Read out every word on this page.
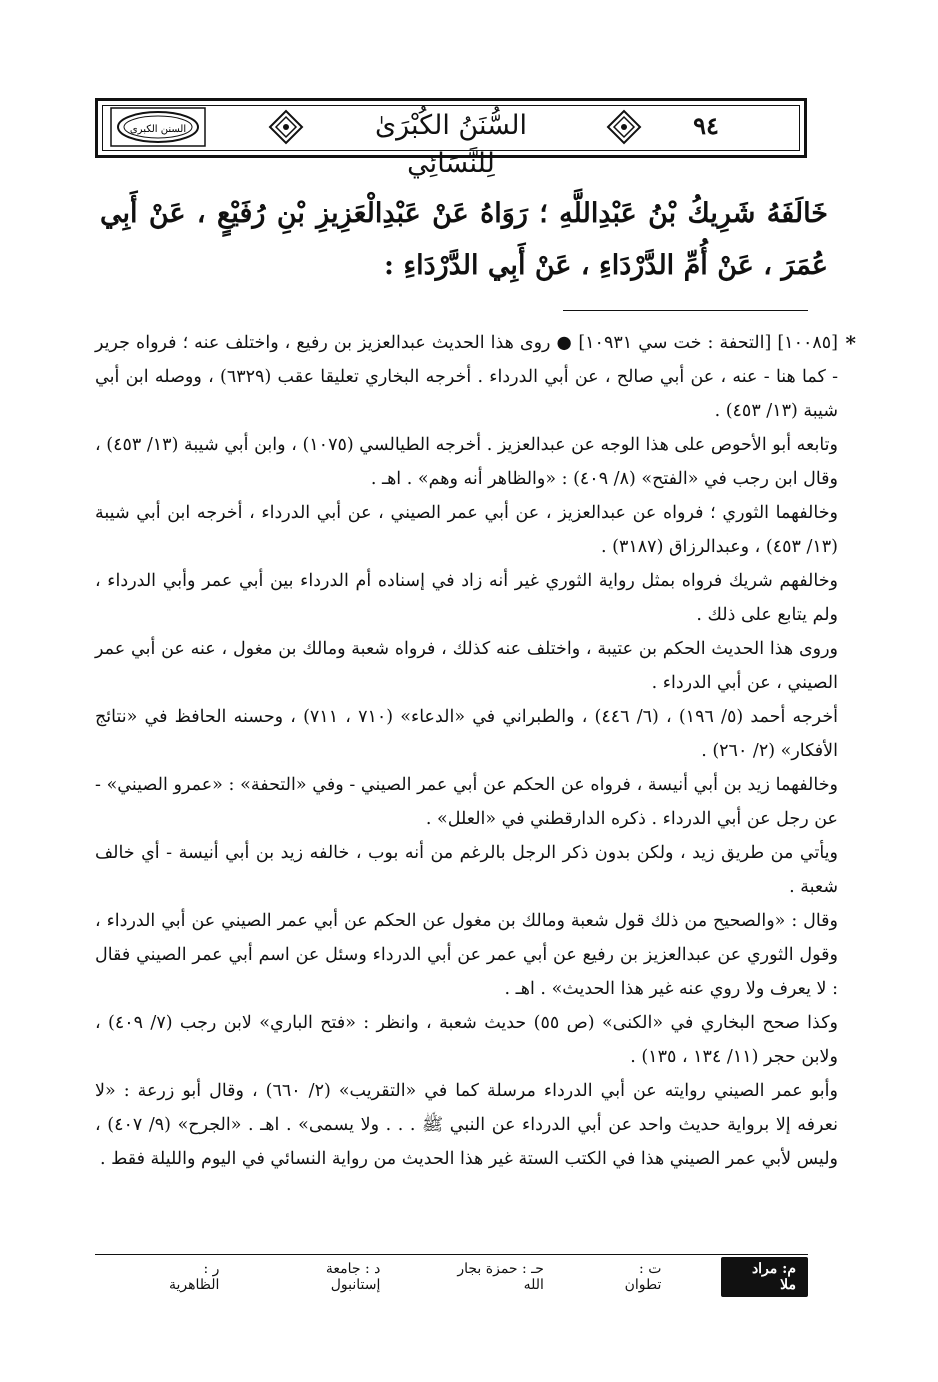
السنن الكبرى	السُّنَنُ الكُبْرَىٰ لِلنَّسَائِي
٩٤
خَالَفَهُ شَرِيكُ بْنُ عَبْدِاللَّهِ ؛ رَوَاهُ عَنْ عَبْدِالْعَزِيزِ بْنِ رُفَيْعٍ ، عَنْ أَبِي عُمَرَ ، عَنْ أُمِّ الدَّرْدَاءِ ، عَنْ أَبِي الدَّرْدَاءِ :
*

[١٠٠٨٥] [التحفة : خت سي ١٠٩٣١] ● روى هذا الحديث عبدالعزيز بن رفيع ، واختلف عنه ؛ فرواه جرير - كما هنا - عنه ، عن أبي صالح ، عن أبي الدرداء . أخرجه البخاري تعليقا عقب (٦٣٢٩) ، ووصله ابن أبي شيبة (١٣/ ٤٥٣) .

وتابعه أبو الأحوص على هذا الوجه عن عبدالعزيز . أخرجه الطيالسي (١٠٧٥) ، وابن أبي شيبة (١٣/ ٤٥٣) ، وقال ابن رجب في «الفتح» (٨/ ٤٠٩) : «والظاهر أنه وهم» . اهـ .

وخالفهما الثوري ؛ فرواه عن عبدالعزيز ، عن أبي عمر الصيني ، عن أبي الدرداء ، أخرجه ابن أبي شيبة (١٣/ ٤٥٣) ، وعبدالرزاق (٣١٨٧) .

وخالفهم شريك فرواه بمثل رواية الثوري غير أنه زاد في إسناده أم الدرداء بين أبي عمر وأبي الدرداء ، ولم يتابع على ذلك .

وروى هذا الحديث الحكم بن عتيبة ، واختلف عنه كذلك ، فرواه شعبة ومالك بن مغول ، عنه عن أبي عمر الصيني ، عن أبي الدرداء .

أخرجه أحمد (٥/ ١٩٦) ، (٦/ ٤٤٦) ، والطبراني في «الدعاء» (٧١٠ ، ٧١١) ، وحسنه الحافظ في «نتائج الأفكار» (٢/ ٢٦٠) .

وخالفهما زيد بن أبي أنيسة ، فرواه عن الحكم عن أبي عمر الصيني - وفي «التحفة» : «عمرو الصيني» - عن رجل عن أبي الدرداء . ذكره الدارقطني في «العلل» .

ويأتي من طريق زيد ، ولكن بدون ذكر الرجل بالرغم من أنه بوب ، خالفه زيد بن أبي أنيسة - أي خالف شعبة .

وقال : «والصحيح من ذلك قول شعبة ومالك بن مغول عن الحكم عن أبي عمر الصيني عن أبي الدرداء ، وقول الثوري عن عبدالعزيز بن رفيع عن أبي عمر عن أبي الدرداء وسئل عن اسم أبي عمر الصيني فقال : لا يعرف ولا روي عنه غير هذا الحديث» . اهـ .

وكذا صحح البخاري في «الكنى» (ص ٥٥) حديث شعبة ، وانظر : «فتح الباري» لابن رجب (٧/ ٤٠٩) ، ولابن حجر (١١/ ١٣٤ ، ١٣٥) .

وأبو عمر الصيني روايته عن أبي الدرداء مرسلة كما في «التقريب» (٢/ ٦٦٠) ، وقال أبو زرعة : «لا نعرفه إلا برواية حديث واحد عن أبي الدرداء عن النبي ﷺ . . . ولا يسمى» . اهـ . «الجرح» (٩/ ٤٠٧) ، وليس لأبي عمر الصيني هذا في الكتب الستة غير هذا الحديث من رواية النسائي في اليوم والليلة فقط .

م: مراد ملا
ت : تطوان
حـ : حمزة بجار الله
د : جامعة إستانبول
ر : الظاهرية
